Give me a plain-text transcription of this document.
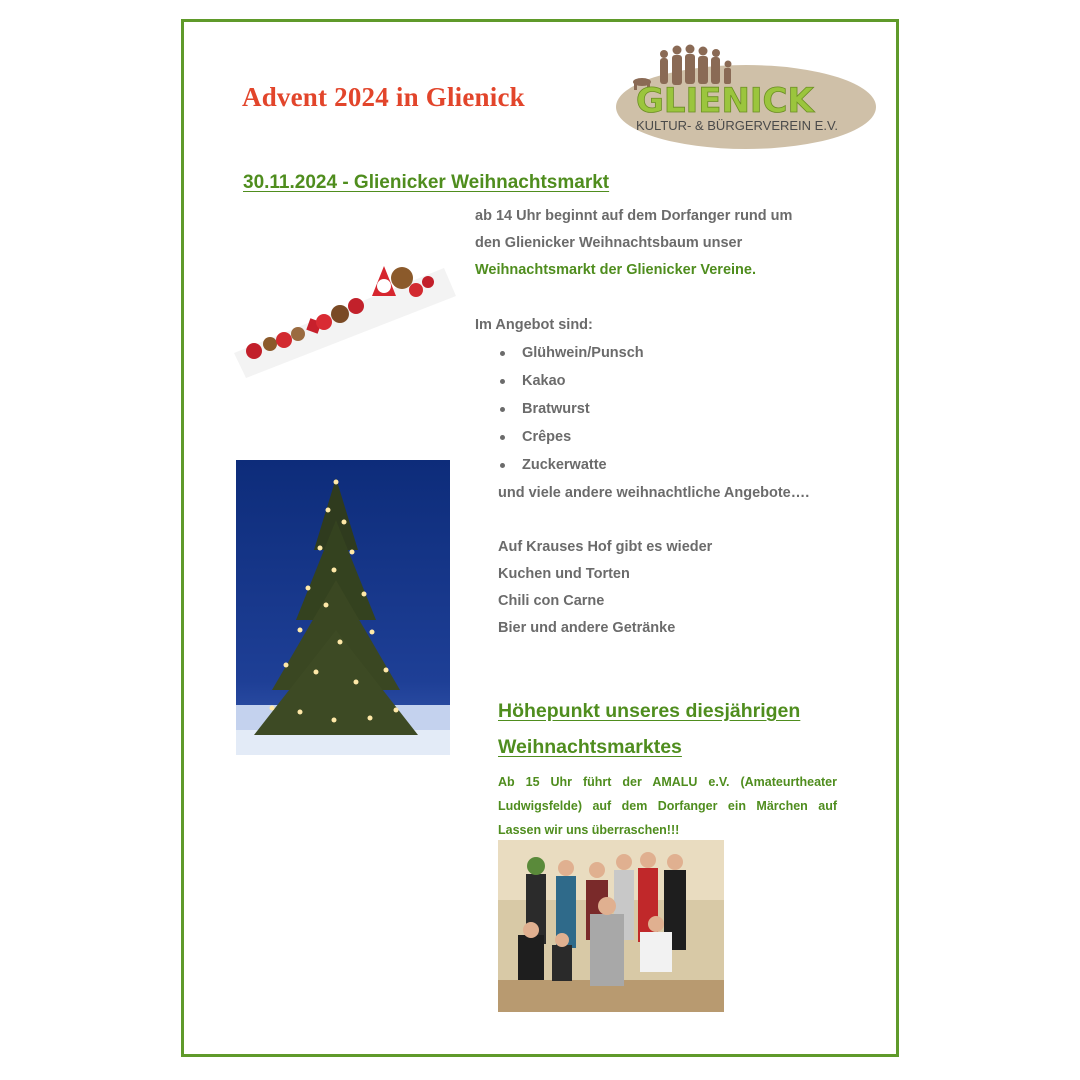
Advent 2024 in Glienick	GLIENICK
KULTUR- & BÜRGERVEREIN E.V.
30.11.2024 - Glienicker Weihnachtsmarkt
ab 14 Uhr beginnt auf dem Dorfanger rund um
den Glienicker Weihnachtsbaum unser
Weihnachtsmarkt der Glienicker Vereine.
Im Angebot sind:
Glühwein/Punsch
Kakao
Bratwurst
Crêpes
Zuckerwatte
und viele andere weihnachtliche Angebote….
Auf Krauses Hof gibt es wieder
Kuchen und Torten
Chili con Carne
Bier und andere Getränke
Höhepunkt unseres diesjährigen
Weihnachtsmarktes
Ab 15 Uhr führt der AMALU e.V. (Amateurtheater Ludwigsfelde) auf dem Dorfanger ein Märchen auf Lassen wir uns überraschen!!!
